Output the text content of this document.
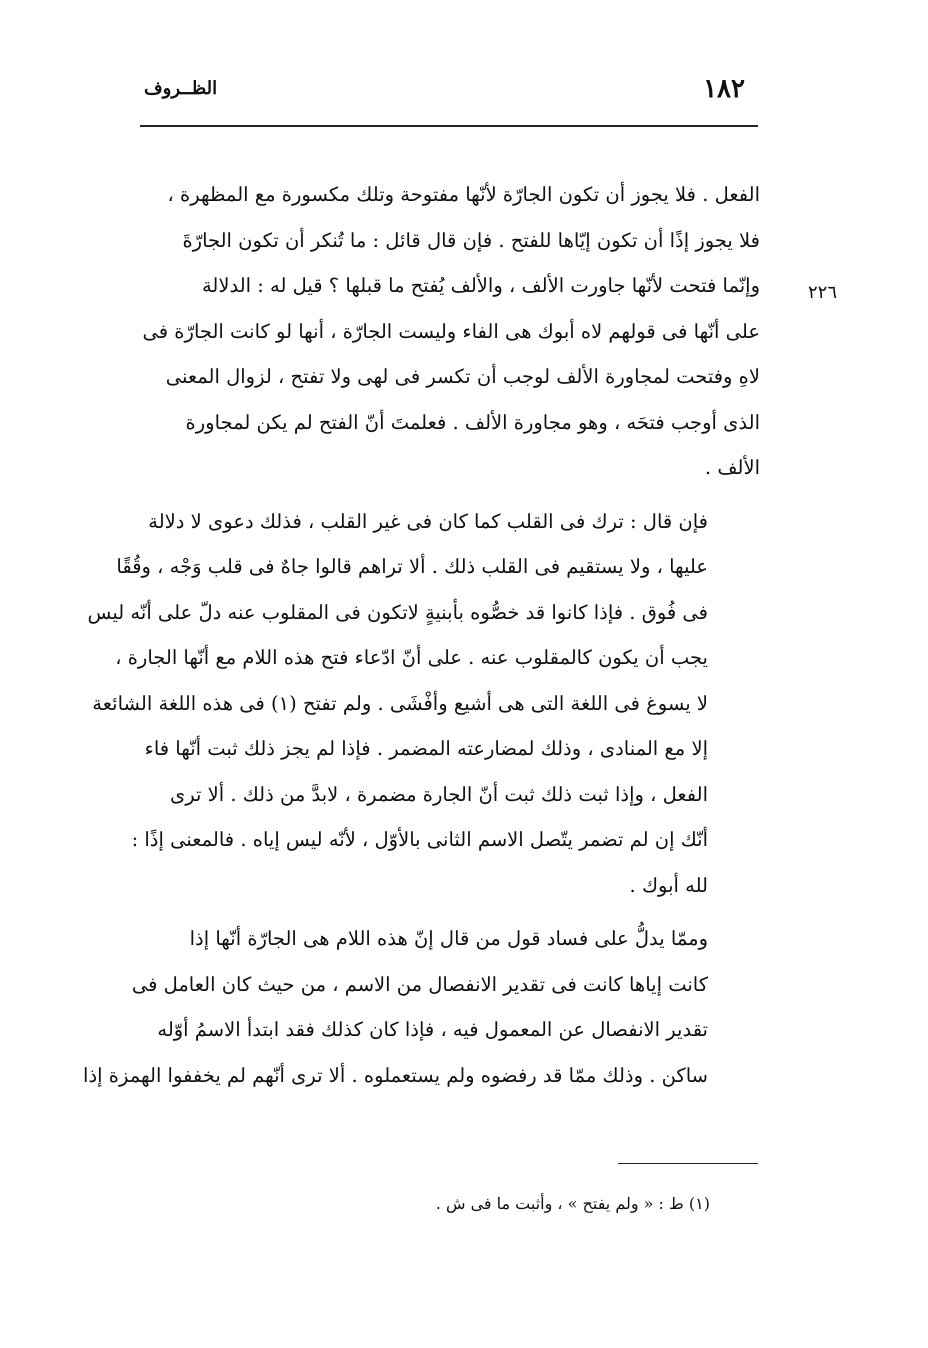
١٨٢
الظــروف
٢٢٦
الفعل . فلا يجوز أن تكون الجارّة لأنّها مفتوحة وتلك مكسورة مع المظهرة ،
فلا يجوز إذًا أن تكون إيّاها للفتح . فإن قال قائل : ما تُنكر أن تكون الجارّةَ
وإنّما فتحت لأنّها جاورت الألف ، والألف يُفتح ما قبلها ؟ قيل له : الدلالة
على أنّها فى قولهم لاه أبوك هى الفاء وليست الجارّة ، أنها لو كانت الجارّة فى
لاهِ وفتحت لمجاورة الألف لوجب أن تكسر فى لهى ولا تفتح ، لزوال المعنى
الذى أوجب فتحَه ، وهو مجاورة الألف . فعلمتَ أنّ الفتح لم يكن لمجاورة
الألف .
فإن قال : ترك فى القلب كما كان فى غير القلب ، فذلك دعوى لا دلالة
عليها ، ولا يستقيم فى القلب ذلك . ألا تراهم قالوا جاهٌ فى قلب وَجْه ، وقُقًا
فى فُوق . فإذا كانوا قد خصُّوه بأبنيةٍ لاتكون فى المقلوب عنه دلّ على أنّه ليس
يجب أن يكون كالمقلوب عنه . على أنّ ادّعاء فتح هذه اللام مع أنّها الجارة ،
لا يسوغ فى اللغة التى هى أشيع وأفْشَى . ولم تفتح (١) فى هذه اللغة الشائعة
إلا مع المنادى ، وذلك لمضارعته المضمر . فإذا لم يجز ذلك ثبت أنّها فاء
الفعل ، وإذا ثبت ذلك ثبت أنّ الجارة مضمرة ، لابدَّ من ذلك . ألا ترى
أنّك إن لم تضمر يتّصل الاسم الثانى بالأوّل ، لأنّه ليس إياه . فالمعنى إذًا :
لله أبوك .
وممّا يدلُّ على فساد قول من قال إنّ هذه اللام هى الجارّة أنّها إذا
كانت إياها كانت فى تقدير الانفصال من الاسم ، من حيث كان العامل فى
تقدير الانفصال عن المعمول فيه ، فإذا كان كذلك فقد ابتدأ الاسمُ أوّله
ساكن . وذلك ممّا قد رفضوه ولم يستعملوه . ألا ترى أنّهم لم يخففوا الهمزة إذا
(١) ط : « ولم يفتح » ، وأثبت ما فى ش .
